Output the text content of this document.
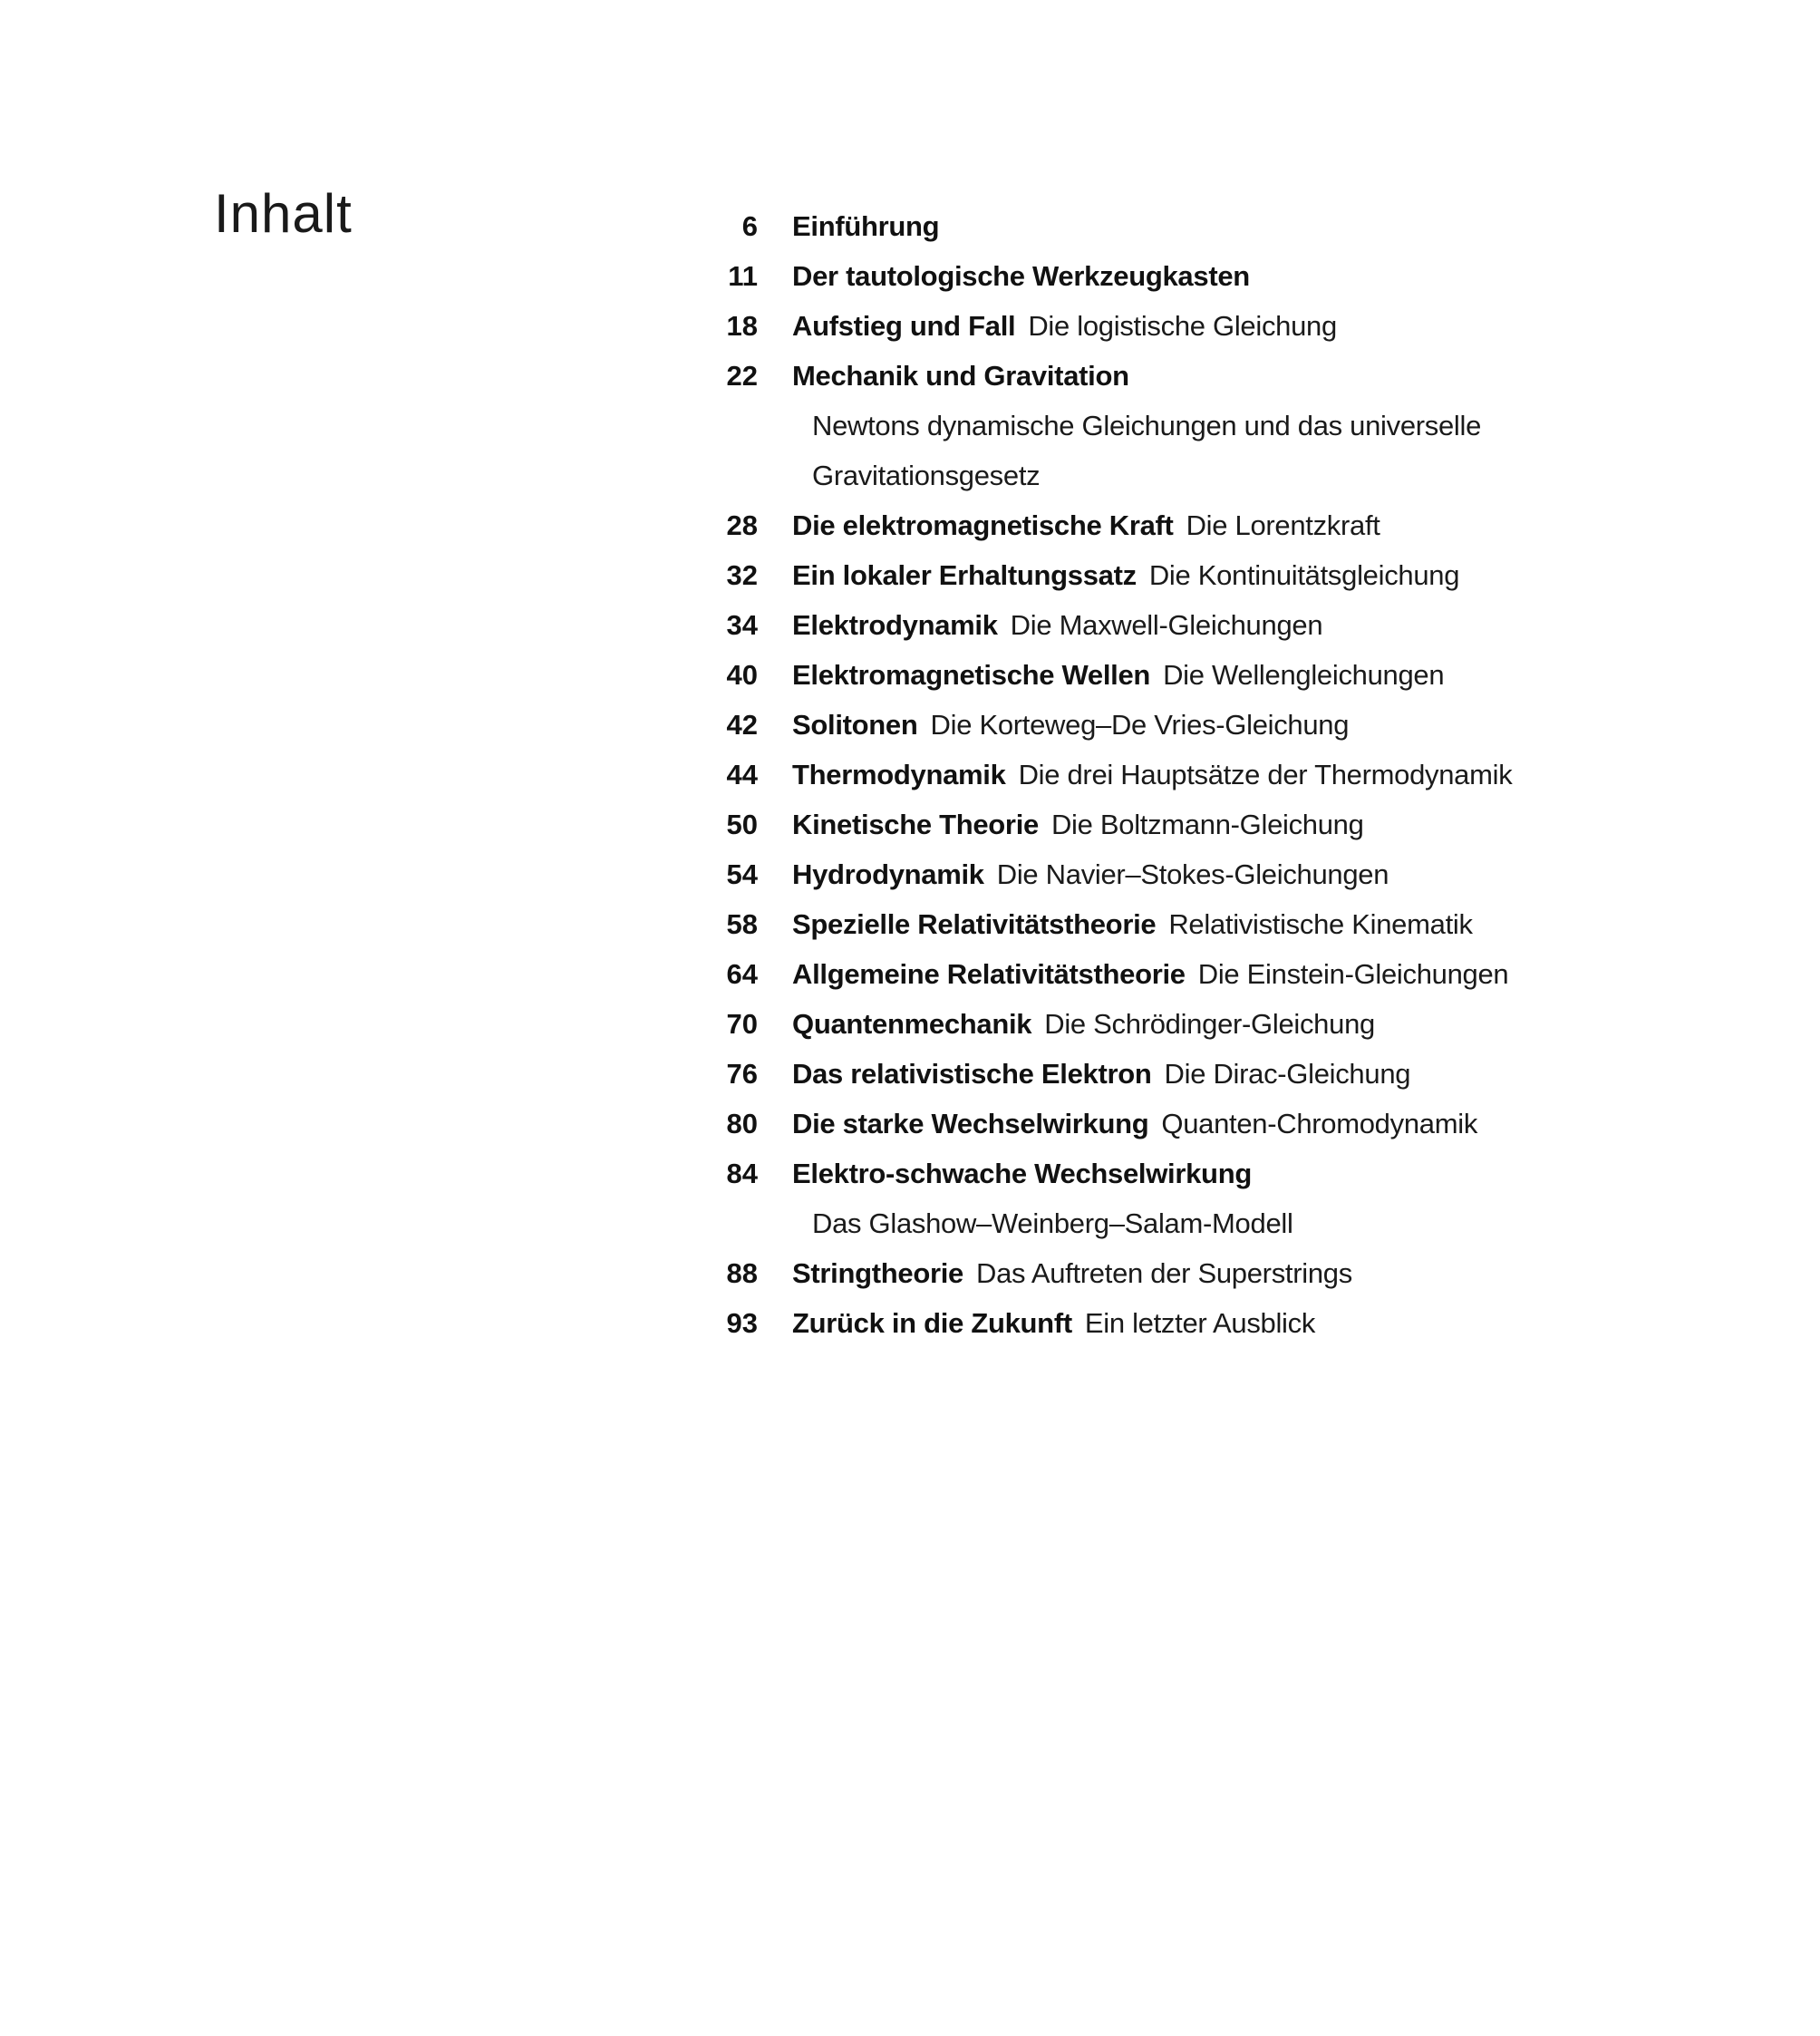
Inhalt	6 Einführung
11 Der tautologische Werkzeugkasten
18 Aufstieg und Fall Die logistische Gleichung
22 Mechanik und Gravitation
Newtons dynamische Gleichungen und das universelle
Gravitationsgesetz
28 Die elektromagnetische Kraft Die Lorentzkraft
32 Ein lokaler Erhaltungssatz Die Kontinuitätsgleichung
34 Elektrodynamik Die Maxwell-Gleichungen
40 Elektromagnetische Wellen Die Wellengleichungen
42 Solitonen Die Korteweg–De Vries-Gleichung
44 Thermodynamik Die drei Hauptsätze der Thermodynamik
50 Kinetische Theorie Die Boltzmann-Gleichung
54 Hydrodynamik Die Navier–Stokes-Gleichungen
58 Spezielle Relativitätstheorie Relativistische Kinematik
64 Allgemeine Relativitätstheorie Die Einstein-Gleichungen
70 Quantenmechanik Die Schrödinger-Gleichung
76 Das relativistische Elektron Die Dirac-Gleichung
80 Die starke Wechselwirkung Quanten-Chromodynamik
84 Elektro-schwache Wechselwirkung
Das Glashow–Weinberg–Salam-Modell
88 Stringtheorie Das Auftreten der Superstrings
93 Zurück in die Zukunft Ein letzter Ausblick
